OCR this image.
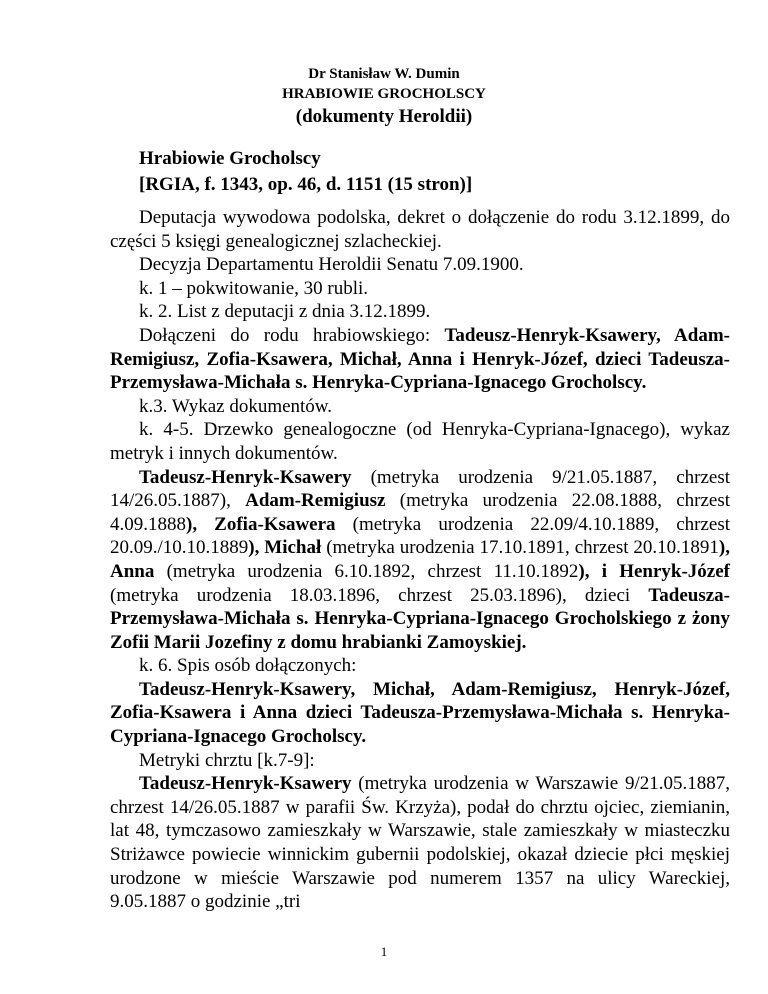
Dr Stanisław W. Dumin
HRABIOWIE GROCHOLSCY
(dokumenty Heroldii)
Hrabiowie Grocholscy
[RGIA, f. 1343, op. 46, d. 1151 (15 stron)]

Deputacja wywodowa podolska, dekret o dołączenie do rodu 3.12.1899, do części 5 księgi genealogicznej szlacheckiej.

Decyzja Departamentu Heroldii Senatu 7.09.1900.

k. 1 – pokwitowanie, 30 rubli.

k. 2. List z deputacji z dnia 3.12.1899.

Dołączeni do rodu hrabiowskiego: Tadeusz-Henryk-Ksawery, Adam-Remigiusz, Zofia-Ksawera, Michał, Anna i Henryk-Józef, dzieci Tadeusza-Przemysława-Michała s. Henryka-Cypriana-Ignacego Grocholscy.

k.3. Wykaz dokumentów.

k. 4-5. Drzewko genealogoczne (od Henryka-Cypriana-Ignacego), wykaz metryk i innych dokumentów.

Tadeusz-Henryk-Ksawery (metryka urodzenia 9/21.05.1887, chrzest 14/26.05.1887), Adam-Remigiusz (metryka urodzenia 22.08.1888, chrzest 4.09.1888), Zofia-Ksawera (metryka urodzenia 22.09/4.10.1889, chrzest 20.09./10.10.1889), Michał (metryka urodzenia 17.10.1891, chrzest 20.10.1891), Anna (metryka urodzenia 6.10.1892, chrzest 11.10.1892), i Henryk-Józef (metryka urodzenia 18.03.1896, chrzest 25.03.1896), dzieci Tadeusza-Przemysława-Michała s. Henryka-Cypriana-Ignacego Grocholskiego z żony Zofii Marii Jozefiny z domu hrabianki Zamoyskiej.

k. 6. Spis osób dołączonych:

Tadeusz-Henryk-Ksawery, Michał, Adam-Remigiusz, Henryk-Józef, Zofia-Ksawera i Anna dzieci Tadeusza-Przemysława-Michała s. Henryka-Cypriana-Ignacego Grocholscy.

Metryki chrztu [k.7-9]:

Tadeusz-Henryk-Ksawery (metryka urodzenia w Warszawie 9/21.05.1887, chrzest 14/26.05.1887 w parafii Św. Krzyża), podał do chrztu ojciec, ziemianin, lat 48, tymczasowo zamieszkały w Warszawie, stale zamieszkały w miasteczku Striżawce powiecie winnickim gubernii podolskiej, okazał dziecie płci męskiej urodzone w mieście Warszawie pod numerem 1357 na ulicy Wareckiej, 9.05.1887 o godzinie „tri

1
